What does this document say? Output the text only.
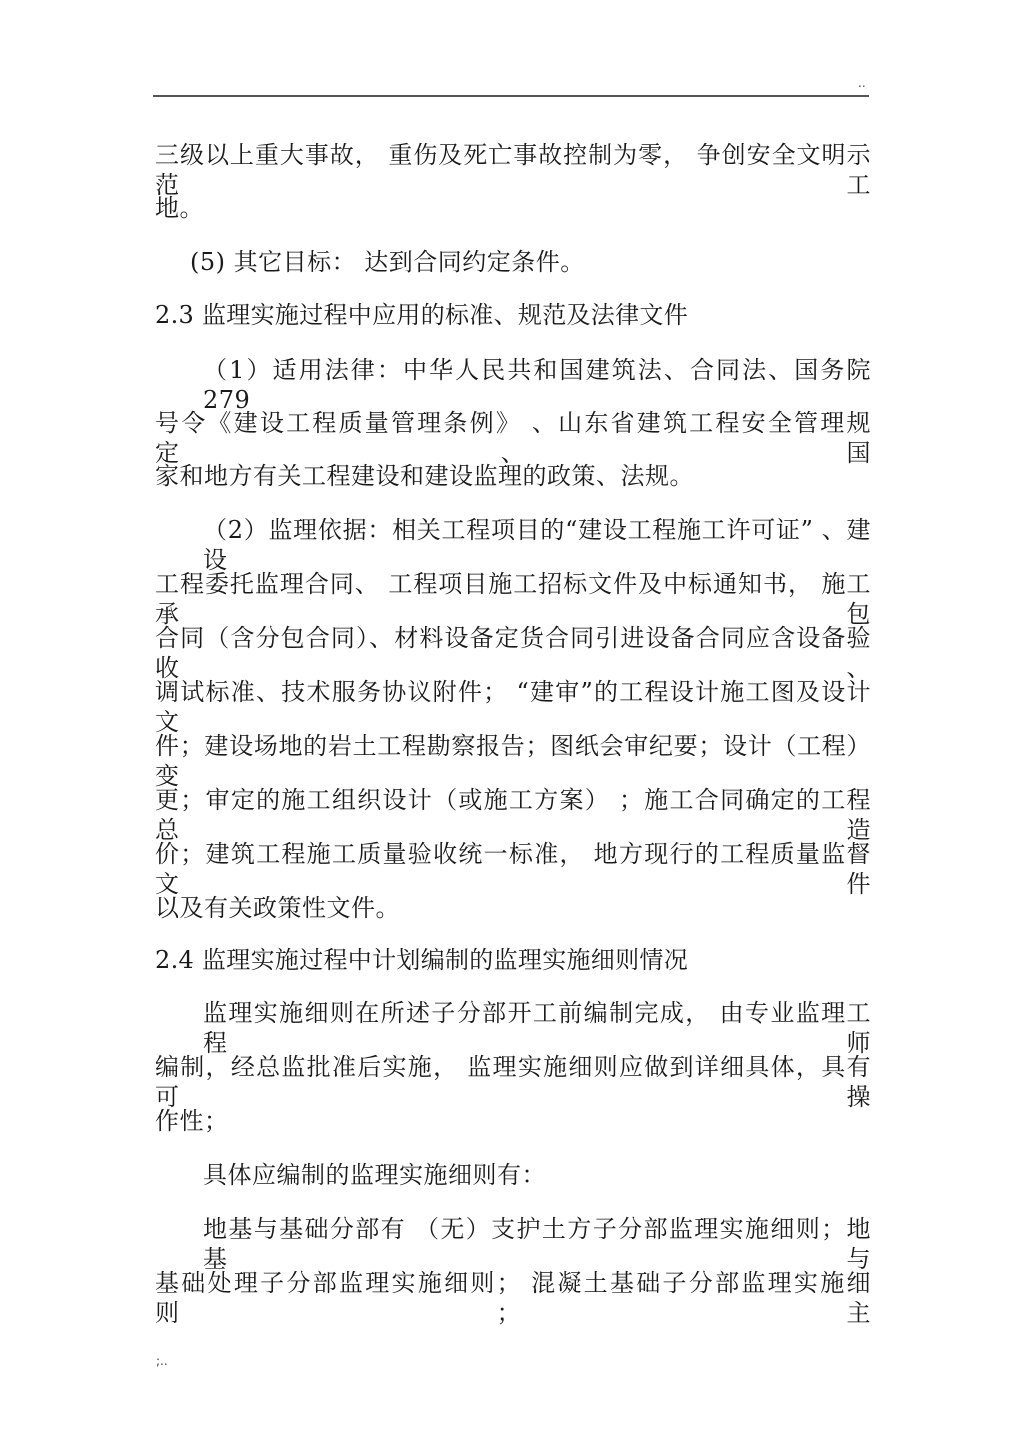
..
三级以上重大事故， 重伤及死亡事故控制为零， 争创安全文明示范工
地。
(5) 其它目标： 达到合同约定条件。
2.3 监理实施过程中应用的标准、规范及法律文件
（1）适用法律：中华人民共和国建筑法、合同法、国务院 279
号令《建设工程质量管理条例》 、山东省建筑工程安全管理规定、国
家和地方有关工程建设和建设监理的政策、法规。
（2）监理依据：相关工程项目的“建设工程施工许可证” 、建设
工程委托监理合同、 工程项目施工招标文件及中标通知书， 施工承包
合同（含分包合同）、材料设备定货合同引进设备合同应含设备验收、
调试标准、技术服务协议附件； “建审”的工程设计施工图及设计文
件；建设场地的岩土工程勘察报告；图纸会审纪要；设计（工程）变
更；审定的施工组织设计（或施工方案） ；施工合同确定的工程总造
价；建筑工程施工质量验收统一标准， 地方现行的工程质量监督文件
以及有关政策性文件。
2.4 监理实施过程中计划编制的监理实施细则情况
监理实施细则在所述子分部开工前编制完成， 由专业监理工程师
编制，经总监批准后实施， 监理实施细则应做到详细具体，具有可操
作性；
具体应编制的监理实施细则有：
地基与基础分部有 （无）支护土方子分部监理实施细则；地基与
基础处理子分部监理实施细则； 混凝土基础子分部监理实施细则； 主
;..
